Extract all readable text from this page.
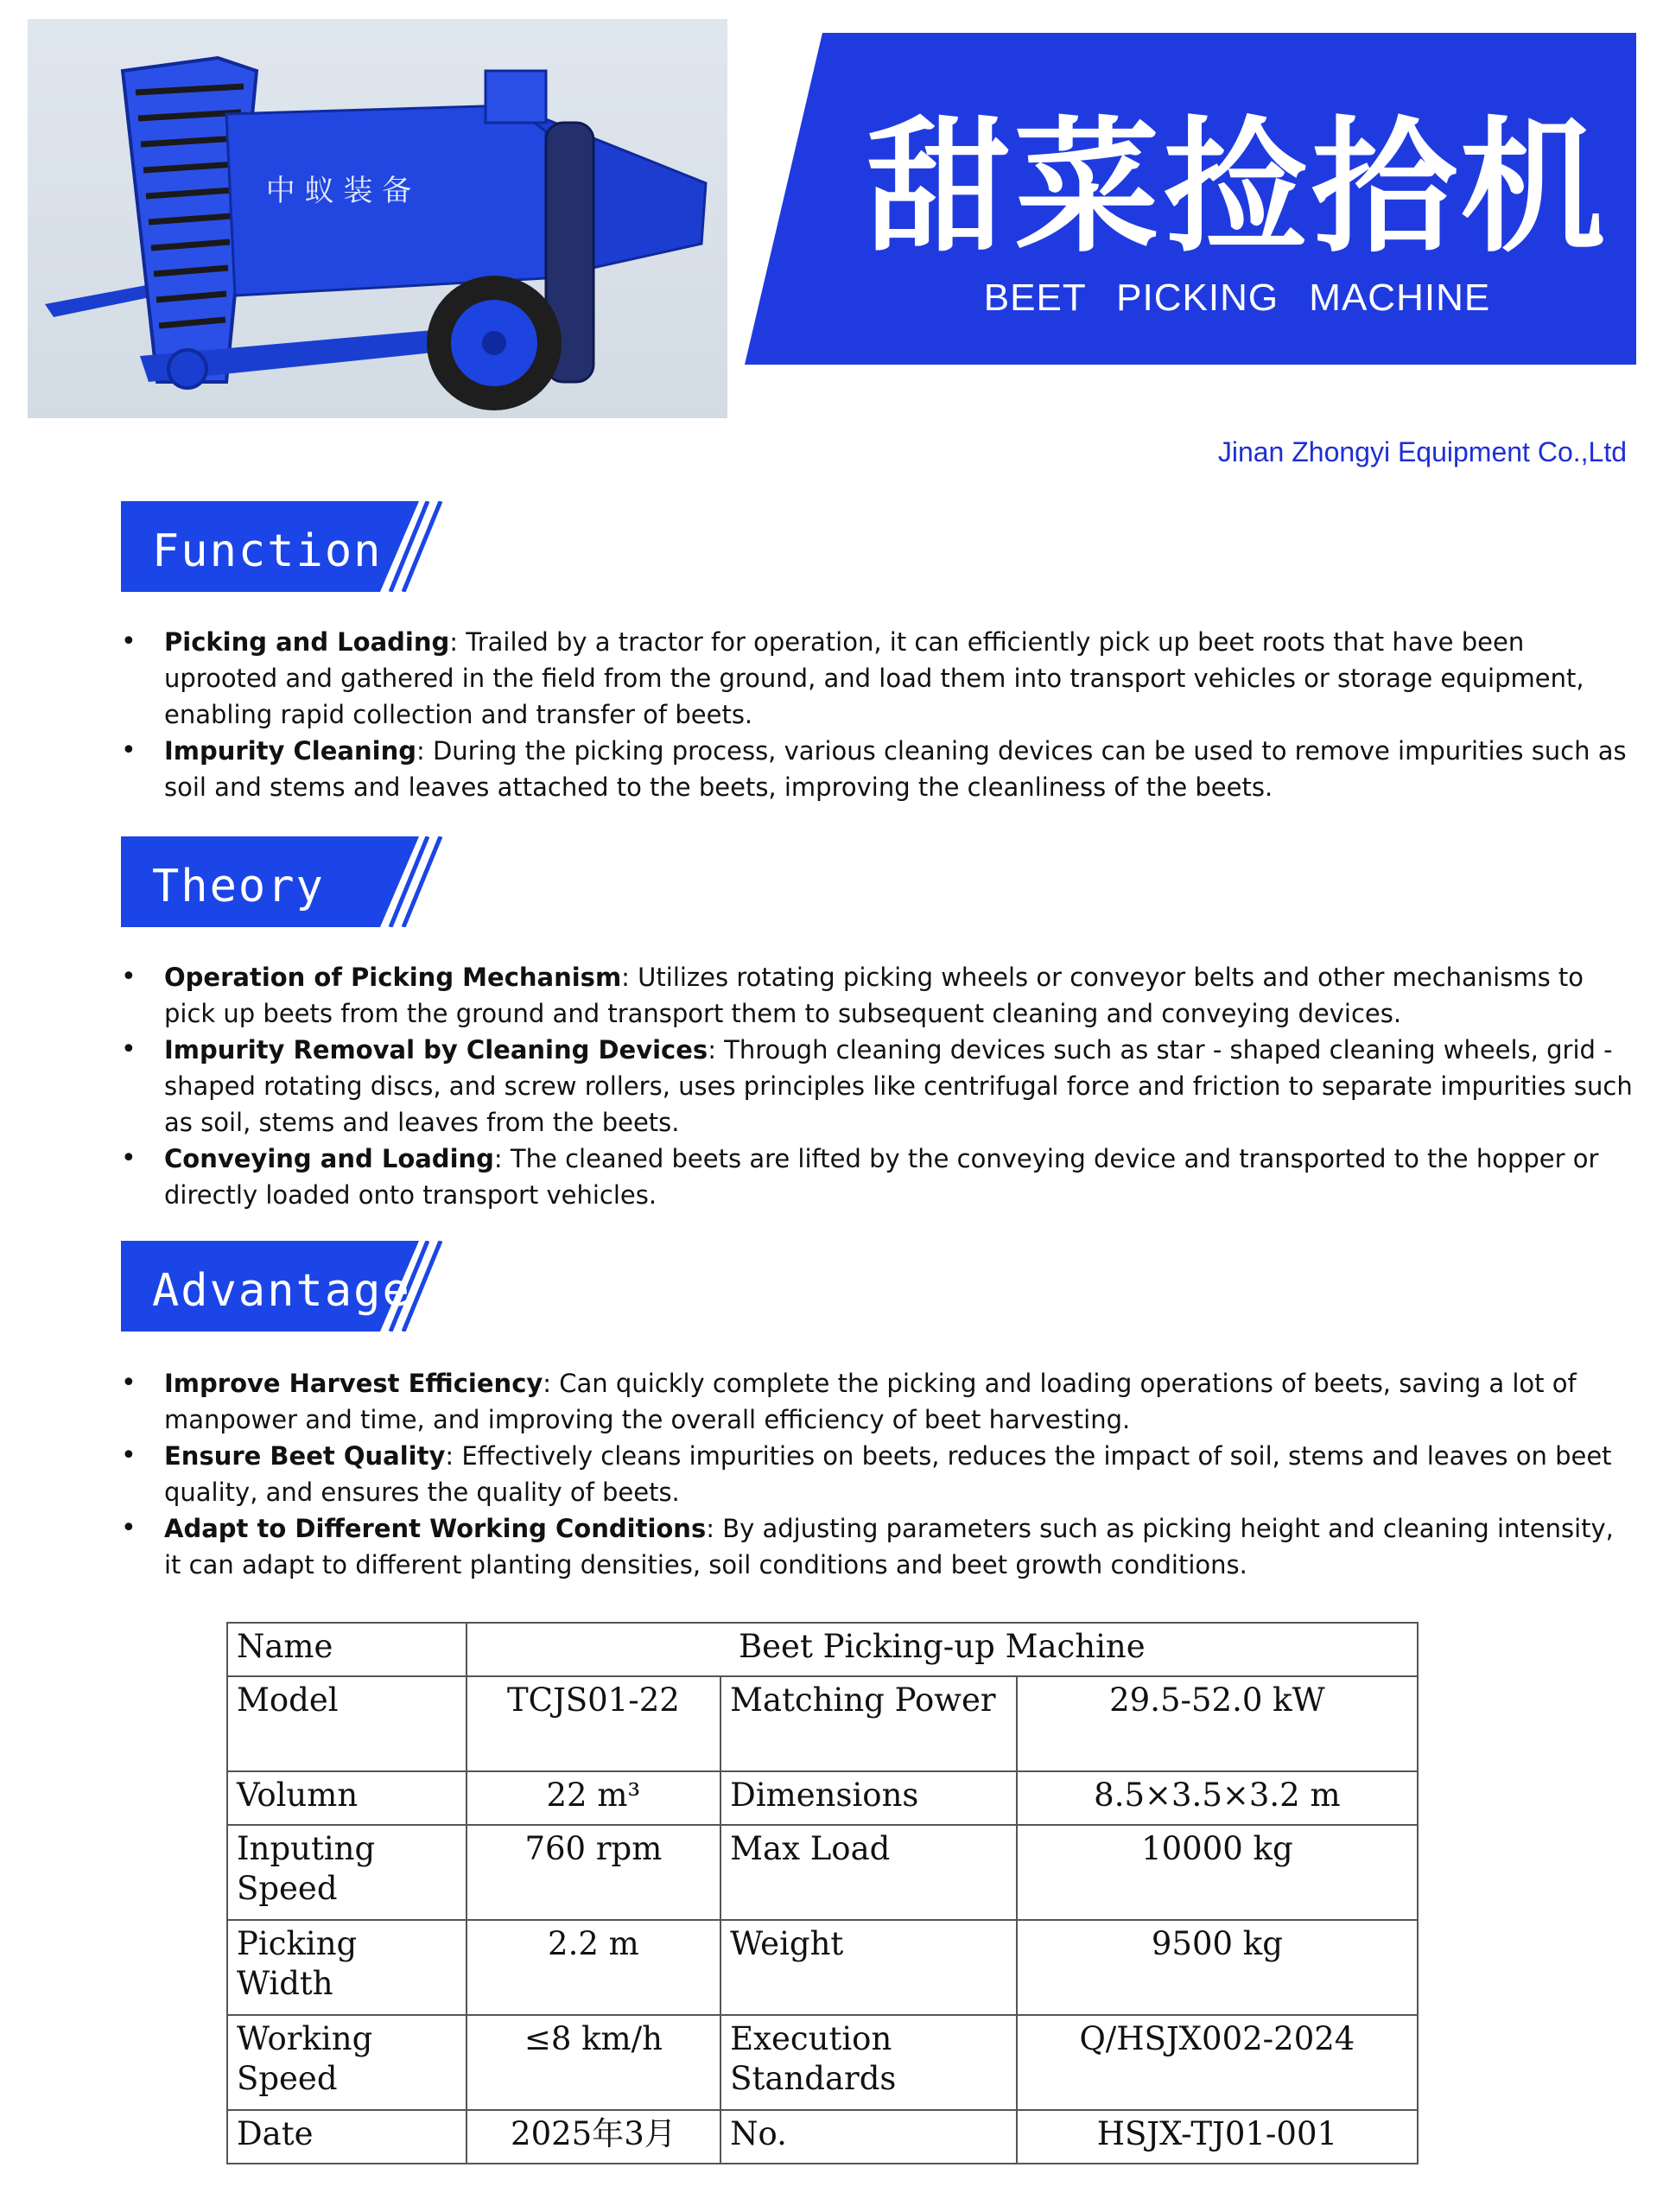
中 蚁 装 备	甜菜捡拾机
BEET PICKING MACHINE
Jinan Zhongyi Equipment Co.,Ltd
Function
• Picking and Loading: Trailed by a tractor for operation, it can efficiently pick up beet roots that have been uprooted and gathered in the field from the ground, and load them into transport vehicles or storage equipment, enabling rapid collection and transfer of beets.
• Impurity Cleaning: During the picking process, various cleaning devices can be used to remove impurities such as soil and stems and leaves attached to the beets, improving the cleanliness of the beets.
Theory
• Operation of Picking Mechanism: Utilizes rotating picking wheels or conveyor belts and other mechanisms to pick up beets from the ground and transport them to subsequent cleaning and conveying devices.
• Impurity Removal by Cleaning Devices: Through cleaning devices such as star - shaped cleaning wheels, grid - shaped rotating discs, and screw rollers, uses principles like centrifugal force and friction to separate impurities such as soil, stems and leaves from the beets.
• Conveying and Loading: The cleaned beets are lifted by the conveying device and transported to the hopper or directly loaded onto transport vehicles.
Advantage
• Improve Harvest Efficiency: Can quickly complete the picking and loading operations of beets, saving a lot of manpower and time, and improving the overall efficiency of beet harvesting.
• Ensure Beet Quality: Effectively cleans impurities on beets, reduces the impact of soil, stems and leaves on beet quality, and ensures the quality of beets.
• Adapt to Different Working Conditions: By adjusting parameters such as picking height and cleaning intensity, it can adapt to different planting densities, soil conditions and beet growth conditions.
Name	Beet Picking-up Machine		
Model	TCJS01-22	Matching Power	29.5-52.0 kW
Volumn	22 m³	Dimensions	8.5×3.5×3.2 m
Inputing Speed	760 rpm	Max Load	10000 kg
Picking Width	2.2 m	Weight	9500 kg
Working Speed	≤8 km/h	Execution Standards	Q/HSJX002-2024
Date	2025年3月	No.	HSJX-TJ01-001
